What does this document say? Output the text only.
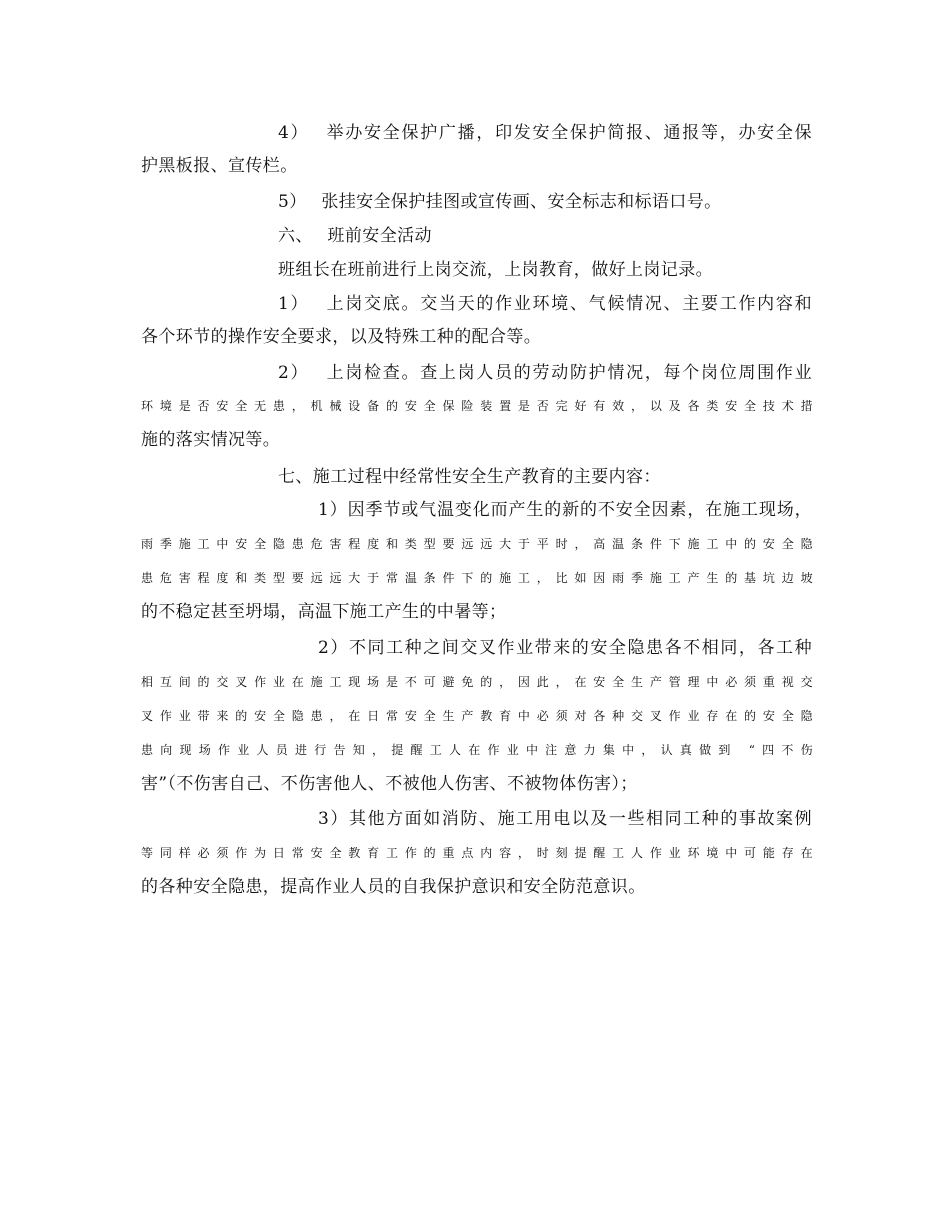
4）　 举办安全保护广播，印发安全保护简报、通报等，办安全保
护黑板报、宣传栏。
5）　 张挂安全保护挂图或宣传画、安全标志和标语口号。
六、　 班前安全活动
班组长在班前进行上岗交流，上岗教育，做好上岗记录。
1）　 上岗交底。交当天的作业环境、气候情况、主要工作内容和
各个环节的操作安全要求，以及特殊工种的配合等。
2）　 上岗检查。查上岗人员的劳动防护情况，每个岗位周围作业
环境是否安全无患，机械设备的安全保险装置是否完好有效，以及各类安全技术措
施的落实情况等。
七、施工过程中经常性安全生产教育的主要内容：
1）因季节或气温变化而产生的新的不安全因素，在施工现场，
雨季施工中安全隐患危害程度和类型要远远大于平时，高温条件下施工中的安全隐
患危害程度和类型要远远大于常温条件下的施工，比如因雨季施工产生的基坑边坡
的不稳定甚至坍塌，高温下施工产生的中暑等；
2）不同工种之间交叉作业带来的安全隐患各不相同，各工种
相互间的交叉作业在施工现场是不可避免的，因此，在安全生产管理中必须重视交
叉作业带来的安全隐患，在日常安全生产教育中必须对各种交叉作业存在的安全隐
患向现场作业人员进行告知，提醒工人在作业中注意力集中，认真做到 “四不伤
害”（不伤害自己、不伤害他人、不被他人伤害、不被物体伤害）；
3）其他方面如消防、施工用电以及一些相同工种的事故案例
等同样必须作为日常安全教育工作的重点内容，时刻提醒工人作业环境中可能存在
的各种安全隐患，提高作业人员的自我保护意识和安全防范意识。
